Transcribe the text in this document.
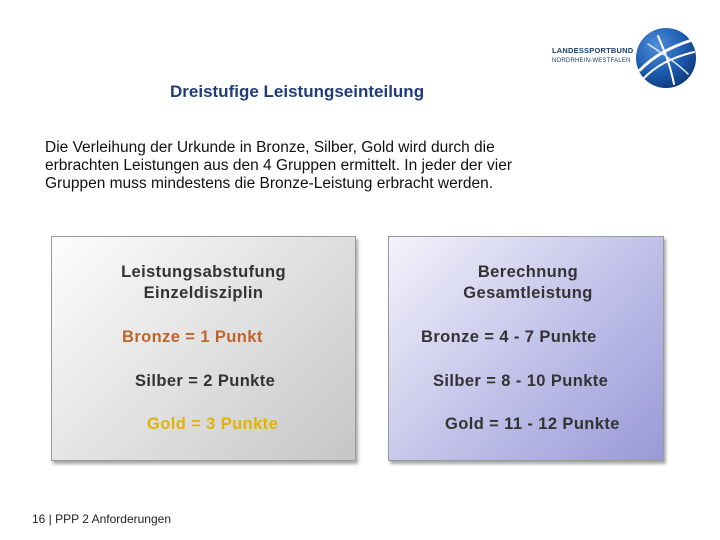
LANDESSPORTBUND
NORDRHEIN-WESTFALEN
Dreistufige Leistungseinteilung
Die Verleihung der Urkunde in Bronze, Silber, Gold wird durch die
erbrachten Leistungen aus den 4 Gruppen ermittelt. In jeder der vier
Gruppen muss mindestens die Bronze-Leistung erbracht werden.
Leistungsabstufung
Einzeldisziplin
Bronze = 1 Punkt
Silber = 2 Punkte
Gold = 3 Punkte
Berechnung
Gesamtleistung
Bronze = 4 - 7 Punkte
Silber = 8 - 10 Punkte
Gold = 11 - 12 Punkte
16 | PPP 2 Anforderungen
